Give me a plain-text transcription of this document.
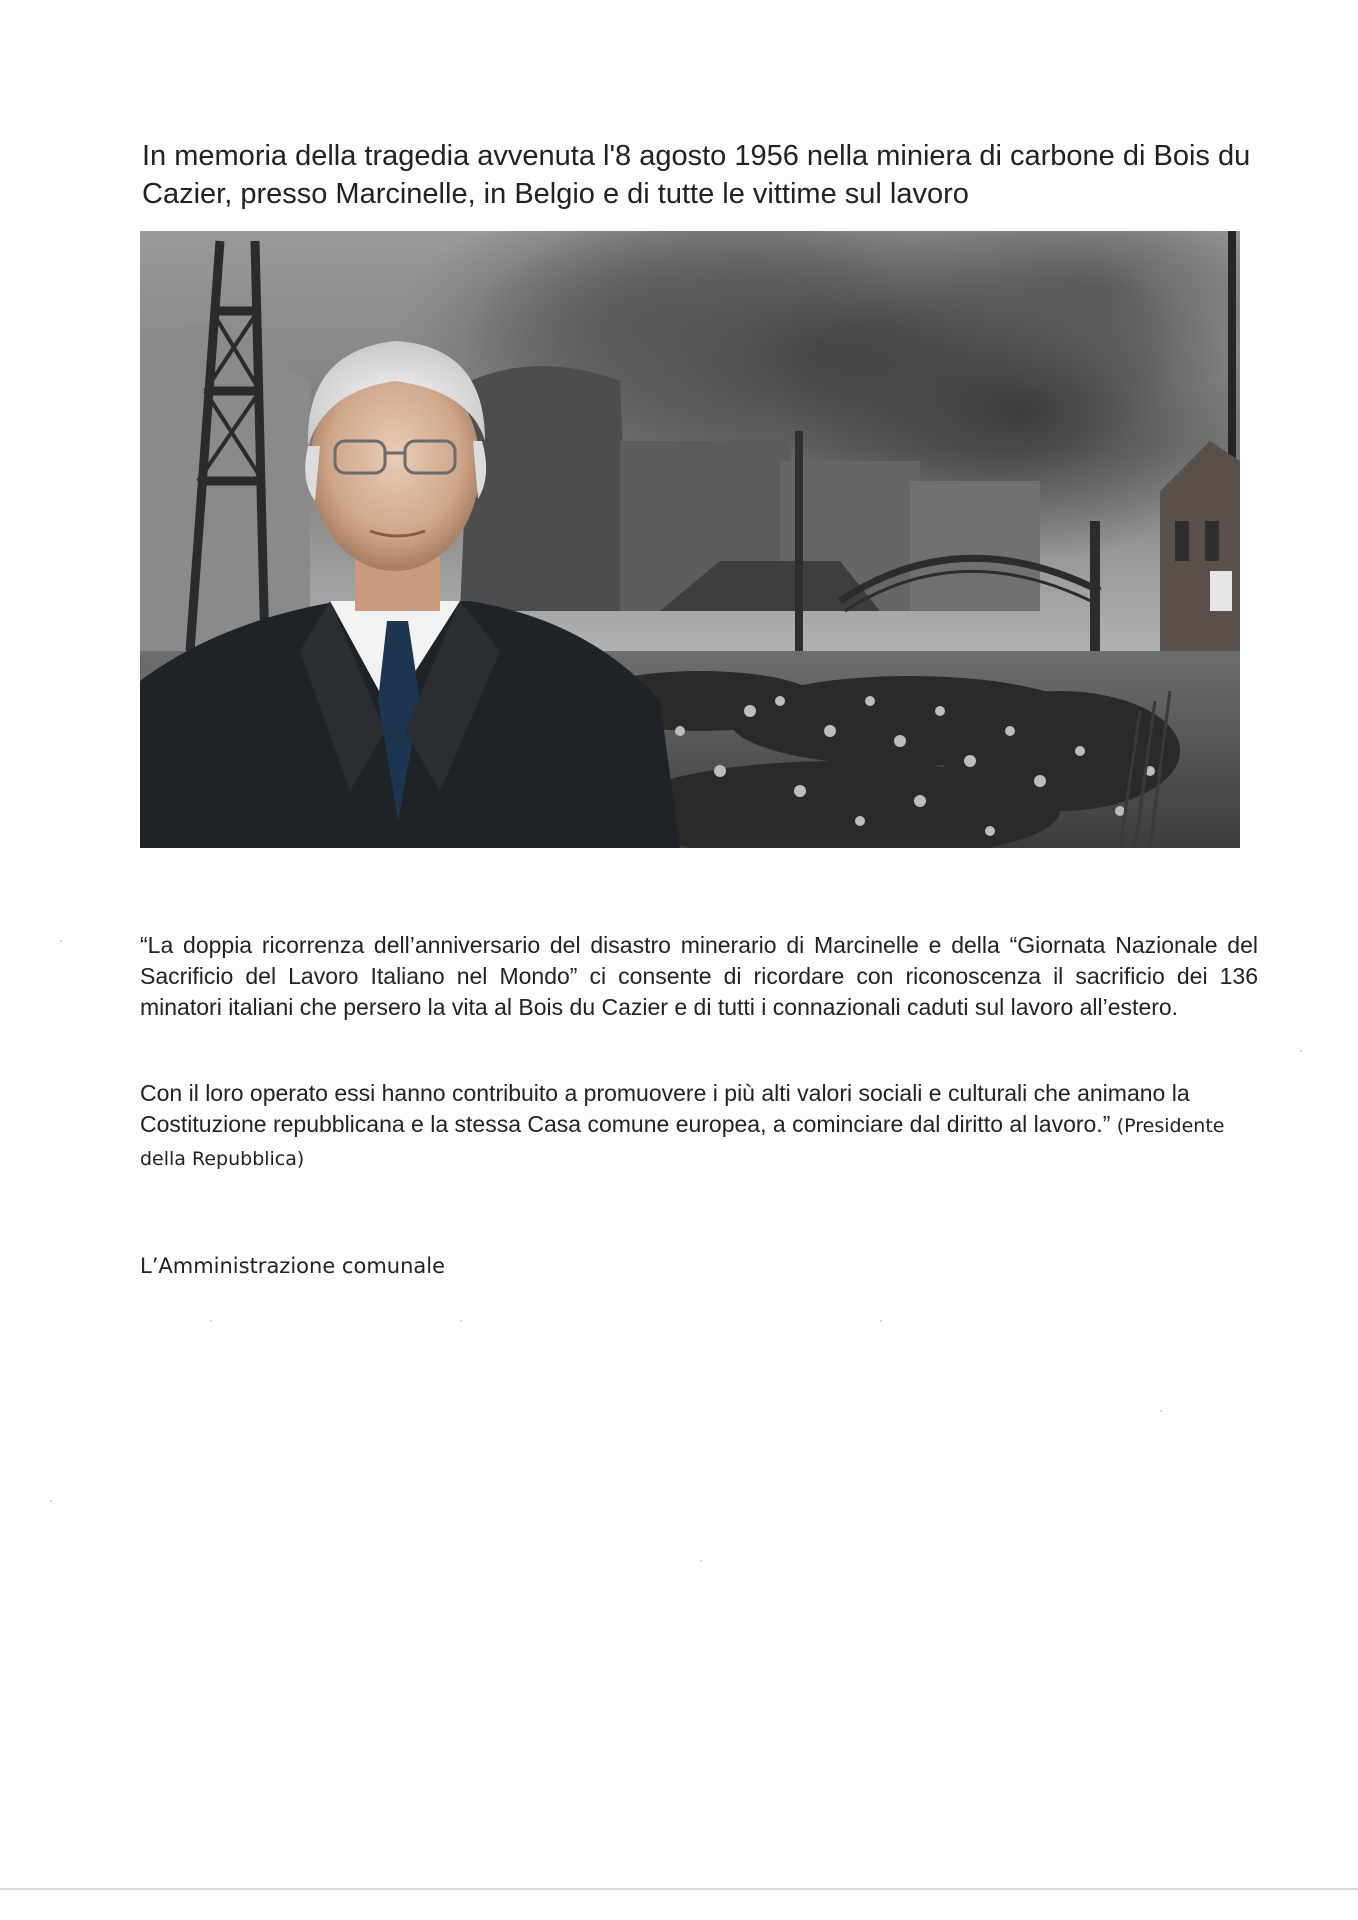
In memoria della tragedia avvenuta l'8 agosto 1956 nella miniera di carbone di Bois du Cazier, presso Marcinelle, in Belgio e di tutte le vittime sul lavoro

“La doppia ricorrenza dell’anniversario del disastro minerario di Marcinelle e della “Giornata Nazionale del Sacrificio del Lavoro Italiano nel Mondo” ci consente di ricordare con riconoscenza il sacrificio dei 136 minatori italiani che persero la vita al Bois du Cazier e di tutti i connazionali caduti sul lavoro all’estero.

Con il loro operato essi hanno contribuito a promuovere i più alti valori sociali e culturali che animano la Costituzione repubblicana e la stessa Casa comune europea, a cominciare dal diritto al lavoro.” (Presidente della Repubblica)

L’Amministrazione comunale
